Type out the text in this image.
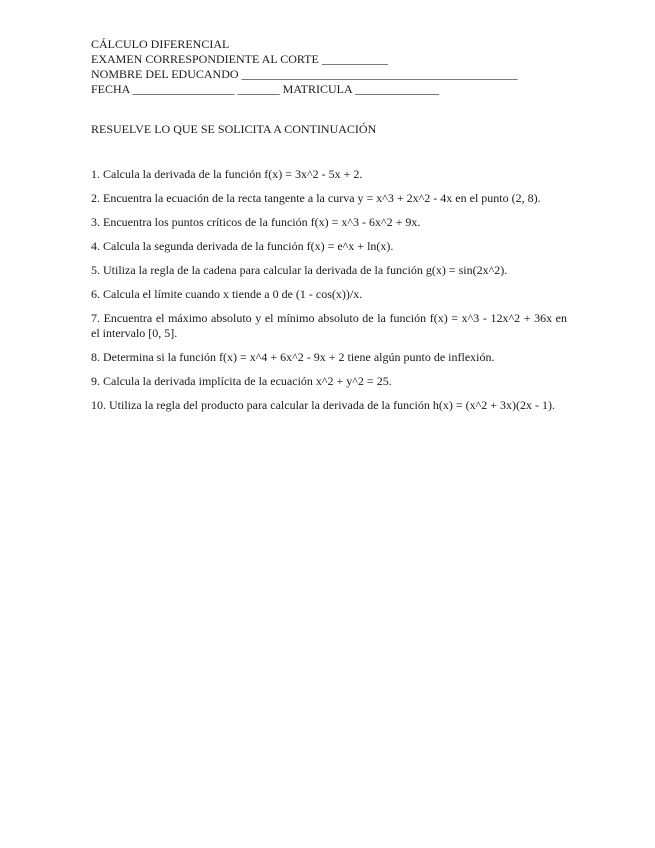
CÁLCULO DIFERENCIAL
EXAMEN CORRESPONDIENTE AL CORTE ___________
NOMBRE DEL EDUCANDO ______________________________________________
FECHA _________________ _______ MATRICULA ______________
RESUELVE LO QUE SE SOLICITA A CONTINUACIÓN
1. Calcula la derivada de la función f(x) = 3x^2 - 5x + 2.
2. Encuentra la ecuación de la recta tangente a la curva y = x^3 + 2x^2 - 4x en el punto (2, 8).
3. Encuentra los puntos críticos de la función f(x) = x^3 - 6x^2 + 9x.
4. Calcula la segunda derivada de la función f(x) = e^x + ln(x).
5. Utiliza la regla de la cadena para calcular la derivada de la función g(x) = sin(2x^2).
6. Calcula el límite cuando x tiende a 0 de (1 - cos(x))/x.
7. Encuentra el máximo absoluto y el mínimo absoluto de la función f(x) = x^3 - 12x^2 + 36x en el intervalo [0, 5].
8. Determina si la función f(x) = x^4 + 6x^2 - 9x + 2 tiene algún punto de inflexión.
9. Calcula la derivada implícita de la ecuación x^2 + y^2 = 25.
10. Utiliza la regla del producto para calcular la derivada de la función h(x) = (x^2 + 3x)(2x - 1).
